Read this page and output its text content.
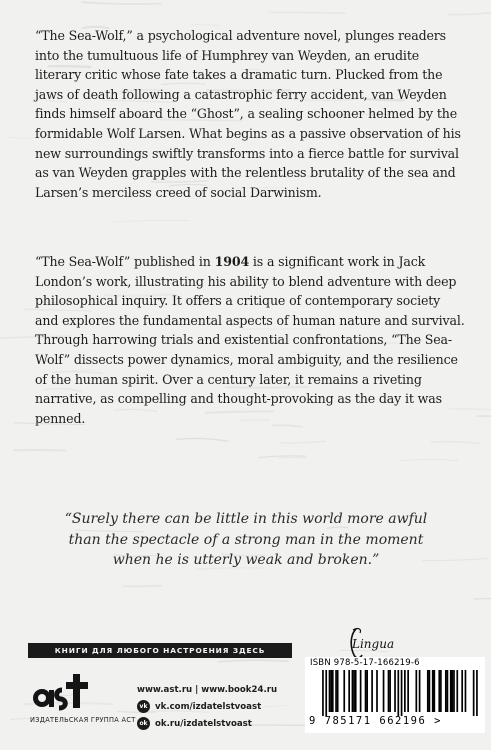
“The Sea-Wolf,” a psychological adventure novel, plunges readers into the tumultuous life of Humphrey van Weyden, an erudite literary critic whose fate takes a dramatic turn. Plucked from the jaws of death following a catastrophic ferry accident, van Weyden finds himself aboard the “Ghost”, a sealing schooner helmed by the formidable Wolf Larsen. What begins as a passive observation of his new surroundings swiftly transforms into a fierce battle for survival as van Weyden grapples with the relentless brutality of the sea and Larsen’s merciless creed of social Darwinism.

“The Sea-Wolf” published in 1904 is a significant work in Jack London’s work, illustrating his ability to blend adventure with deep philosophical inquiry. It offers a critique of contemporary society and explores the fundamental aspects of human nature and survival. Through harrowing trials and existential confrontations, “The Sea-Wolf” dissects power dynamics, moral ambiguity, and the resilience of the human spirit. Over a century later, it remains a riveting narrative, as compelling and thought-provoking as the day it was penned.

“Surely there can be little in this world more awful than the spectacle of a strong man in the moment when he is utterly weak and broken.”

КНИГИ ДЛЯ ЛЮБОГО НАСТРОЕНИЯ ЗДЕСЬ	Lingua
ИЗДАТЕЛЬСКАЯ ГРУППА АСТ
www.ast.ru | www.book24.ru
vk vk.com/izdatelstvoast
ok ok.ru/izdatelstvoast
ISBN 978-5-17-166219-6
9 785171 662196 >
